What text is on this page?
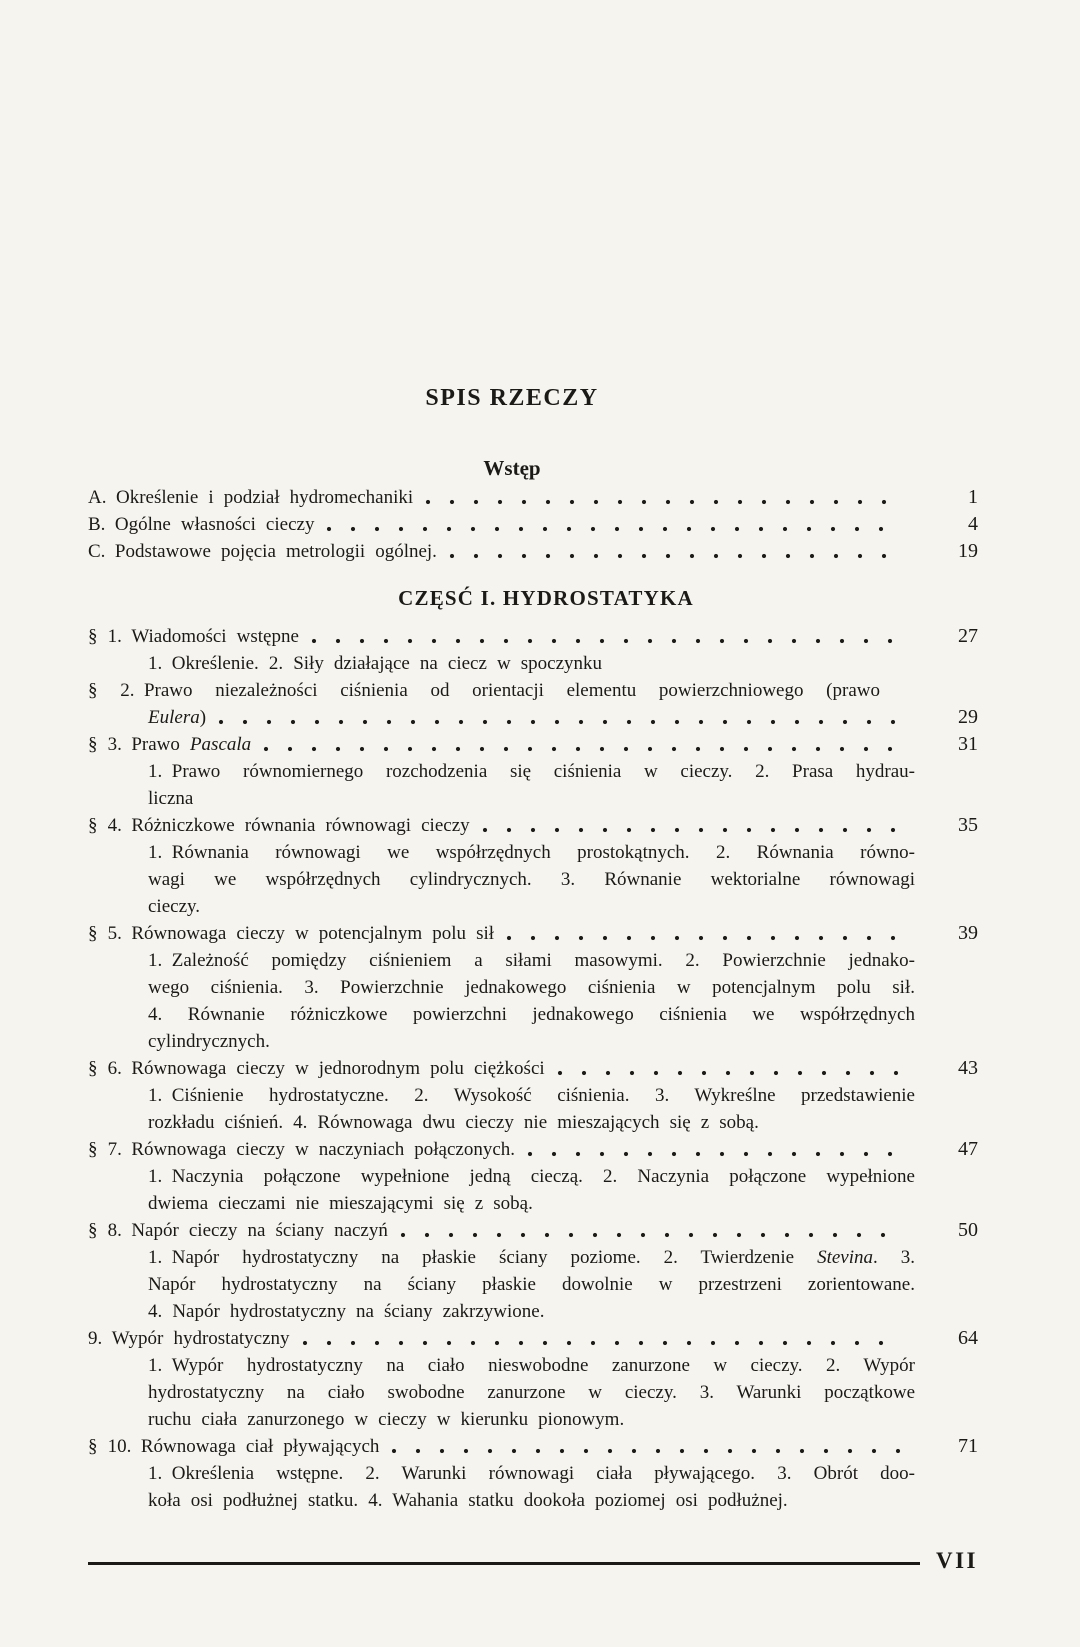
SPIS RZECZY
Wstęp
A. Określenie i podział hydromechaniki	1
B. Ogólne własności cieczy	4
C. Podstawowe pojęcia metrologii ogólnej.	19
CZĘSĆ I. HYDROSTATYKA
§ 1. Wiadomości wstępne	27
1. Określenie. 2. Siły działające na ciecz w spoczynku
§ 2. Prawo niezależności ciśnienia od orientacji elementu powierzchniowego (prawo
Eulera)	29
§ 3. Prawo Pascala	31
1. Prawo równomiernego rozchodzenia się ciśnienia w cieczy. 2. Prasa hydrau-
liczna
§ 4. Różniczkowe równania równowagi cieczy	35
1. Równania równowagi we współrzędnych prostokątnych. 2. Równania równo-
wagi we współrzędnych cylindrycznych. 3. Równanie wektorialne równowagi
cieczy.
§ 5. Równowaga cieczy w potencjalnym polu sił	39
1. Zależność pomiędzy ciśnieniem a siłami masowymi. 2. Powierzchnie jednako-
wego ciśnienia. 3. Powierzchnie jednakowego ciśnienia w potencjalnym polu sił.
4. Równanie różniczkowe powierzchni jednakowego ciśnienia we współrzędnych
cylindrycznych.
§ 6. Równowaga cieczy w jednorodnym polu ciężkości	43
1. Ciśnienie hydrostatyczne. 2. Wysokość ciśnienia. 3. Wykreślne przedstawienie
rozkładu ciśnień. 4. Równowaga dwu cieczy nie mieszających się z sobą.
§ 7. Równowaga cieczy w naczyniach połączonych.	47
1. Naczynia połączone wypełnione jedną cieczą. 2. Naczynia połączone wypełnione
dwiema cieczami nie mieszającymi się z sobą.
§ 8. Napór cieczy na ściany naczyń	50
1. Napór hydrostatyczny na płaskie ściany poziome. 2. Twierdzenie Stevina. 3.
Napór hydrostatyczny na ściany płaskie dowolnie w przestrzeni zorientowane.
4. Napór hydrostatyczny na ściany zakrzywione.
9. Wypór hydrostatyczny	64
1. Wypór hydrostatyczny na ciało nieswobodne zanurzone w cieczy. 2. Wypór
hydrostatyczny na ciało swobodne zanurzone w cieczy. 3. Warunki początkowe
ruchu ciała zanurzonego w cieczy w kierunku pionowym.
§ 10. Równowaga ciał pływających	71
1. Określenia wstępne. 2. Warunki równowagi ciała pływającego. 3. Obrót doo-
koła osi podłużnej statku. 4. Wahania statku dookoła poziomej osi podłużnej.
VII
